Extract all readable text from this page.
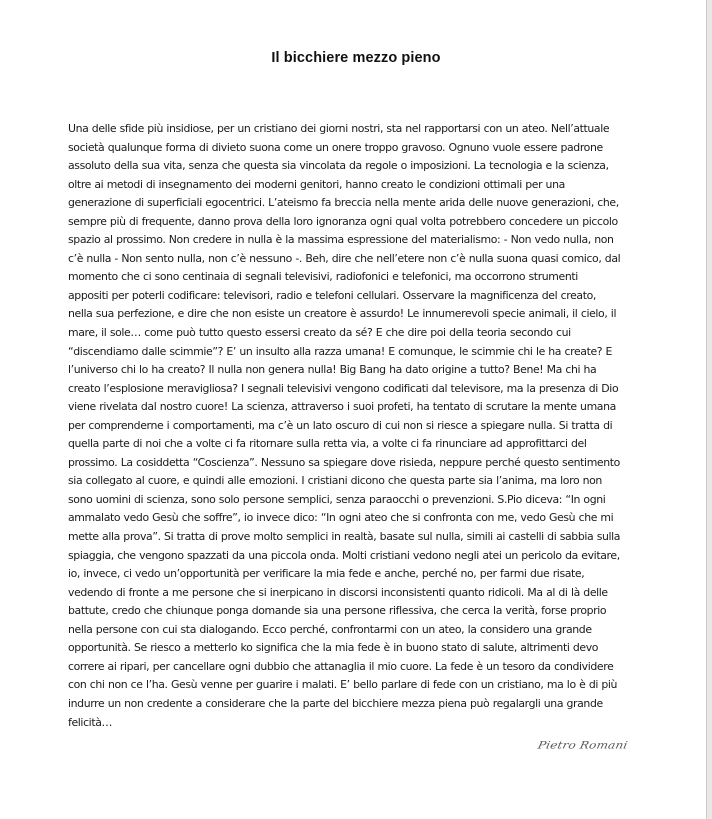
Il bicchiere mezzo pieno
Una delle sfide più insidiose, per un cristiano dei giorni nostri, sta nel rapportarsi con un ateo. Nell’attuale
società qualunque forma di divieto suona come un onere troppo gravoso. Ognuno vuole essere padrone
assoluto della sua vita, senza che questa sia vincolata da regole o imposizioni. La tecnologia e la scienza,
oltre ai metodi di insegnamento dei moderni genitori, hanno creato le condizioni ottimali per una
generazione di superficiali egocentrici. L’ateismo fa breccia nella mente arida delle nuove generazioni, che,
sempre più di frequente, danno prova della loro ignoranza ogni qual volta potrebbero concedere un piccolo
spazio al prossimo. Non credere in nulla è la massima espressione del materialismo: - Non vedo nulla, non
c’è nulla - Non sento nulla, non c’è nessuno -. Beh, dire che nell’etere non c’è nulla suona quasi comico, dal
momento che ci sono centinaia di segnali televisivi, radiofonici e telefonici, ma occorrono strumenti
appositi per poterli codificare: televisori, radio e telefoni cellulari. Osservare la magnificenza del creato,
nella sua perfezione, e dire che non esiste un creatore è assurdo! Le innumerevoli specie animali, il cielo, il
mare, il sole… come può tutto questo essersi creato da sé? E che dire poi della teoria secondo cui
“discendiamo dalle scimmie”? E’ un insulto alla razza umana! E comunque, le scimmie chi le ha create? E
l’universo chi lo ha creato? Il nulla non genera nulla! Big Bang ha dato origine a tutto? Bene! Ma chi ha
creato l’esplosione meravigliosa? I segnali televisivi vengono codificati dal televisore, ma la presenza di Dio
viene rivelata dal nostro cuore! La scienza, attraverso i suoi profeti, ha tentato di scrutare la mente umana
per comprenderne i comportamenti, ma c’è un lato oscuro di cui non si riesce a spiegare nulla. Si tratta di
quella parte di noi che a volte ci fa ritornare sulla retta via, a volte ci fa rinunciare ad approfittarci del
prossimo. La cosiddetta “Coscienza”. Nessuno sa spiegare dove risieda, neppure perché questo sentimento
sia collegato al cuore, e quindi alle emozioni. I cristiani dicono che questa parte sia l’anima, ma loro non
sono uomini di scienza, sono solo persone semplici, senza paraocchi o prevenzioni. S.Pio diceva: “In ogni
ammalato vedo Gesù che soffre”, io invece dico: “In ogni ateo che si confronta con me, vedo Gesù che mi
mette alla prova”. Si tratta di prove molto semplici in realtà, basate sul nulla, simili ai castelli di sabbia sulla
spiaggia, che vengono spazzati da una piccola onda. Molti cristiani vedono negli atei un pericolo da evitare,
io, invece, ci vedo un’opportunità per verificare la mia fede e anche, perché no, per farmi due risate,
vedendo di fronte a me persone che si inerpicano in discorsi inconsistenti quanto ridicoli. Ma al di là delle
battute, credo che chiunque ponga domande sia una persone riflessiva, che cerca la verità, forse proprio
nella persone con cui sta dialogando. Ecco perché, confrontarmi con un ateo, la considero una grande
opportunità. Se riesco a metterlo ko significa che la mia fede è in buono stato di salute, altrimenti devo
correre ai ripari, per cancellare ogni dubbio che attanaglia il mio cuore. La fede è un tesoro da condividere
con chi non ce l’ha. Gesù venne per guarire i malati. E’ bello parlare di fede con un cristiano, ma lo è di più
indurre un non credente a considerare che la parte del bicchiere mezza piena può regalargli una grande
felicità…
Pietro Romani
